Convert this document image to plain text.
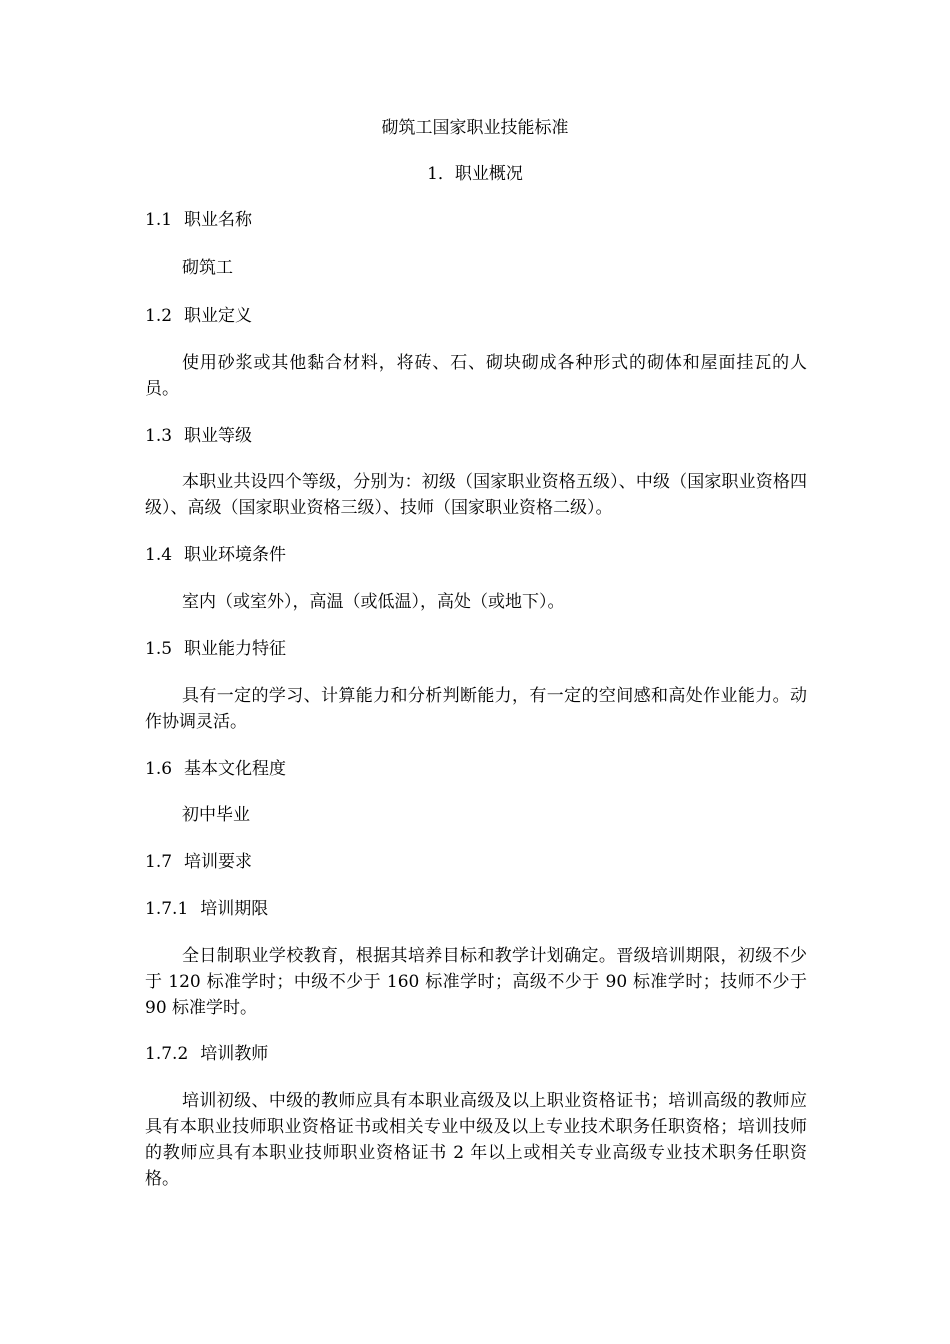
砌筑工国家职业技能标准

1．职业概况

1.1 职业名称

砌筑工

1.2 职业定义

使用砂浆或其他黏合材料，将砖、石、砌块砌成各种形式的砌体和屋面挂瓦的人员。

1.3 职业等级

本职业共设四个等级，分别为：初级（国家职业资格五级）、中级（国家职业资格四级）、高级（国家职业资格三级）、技师（国家职业资格二级）。

1.4 职业环境条件

室内（或室外），高温（或低温），高处（或地下）。

1.5 职业能力特征

具有一定的学习、计算能力和分析判断能力，有一定的空间感和高处作业能力。动作协调灵活。

1.6 基本文化程度

初中毕业

1.7 培训要求

1.7.1 培训期限

全日制职业学校教育，根据其培养目标和教学计划确定。晋级培训期限，初级不少于 120 标准学时；中级不少于 160 标准学时；高级不少于 90 标准学时；技师不少于 90 标准学时。

1.7.2 培训教师

培训初级、中级的教师应具有本职业高级及以上职业资格证书；培训高级的教师应具有本职业技师职业资格证书或相关专业中级及以上专业技术职务任职资格；培训技师的教师应具有本职业技师职业资格证书 2 年以上或相关专业高级专业技术职务任职资格。
